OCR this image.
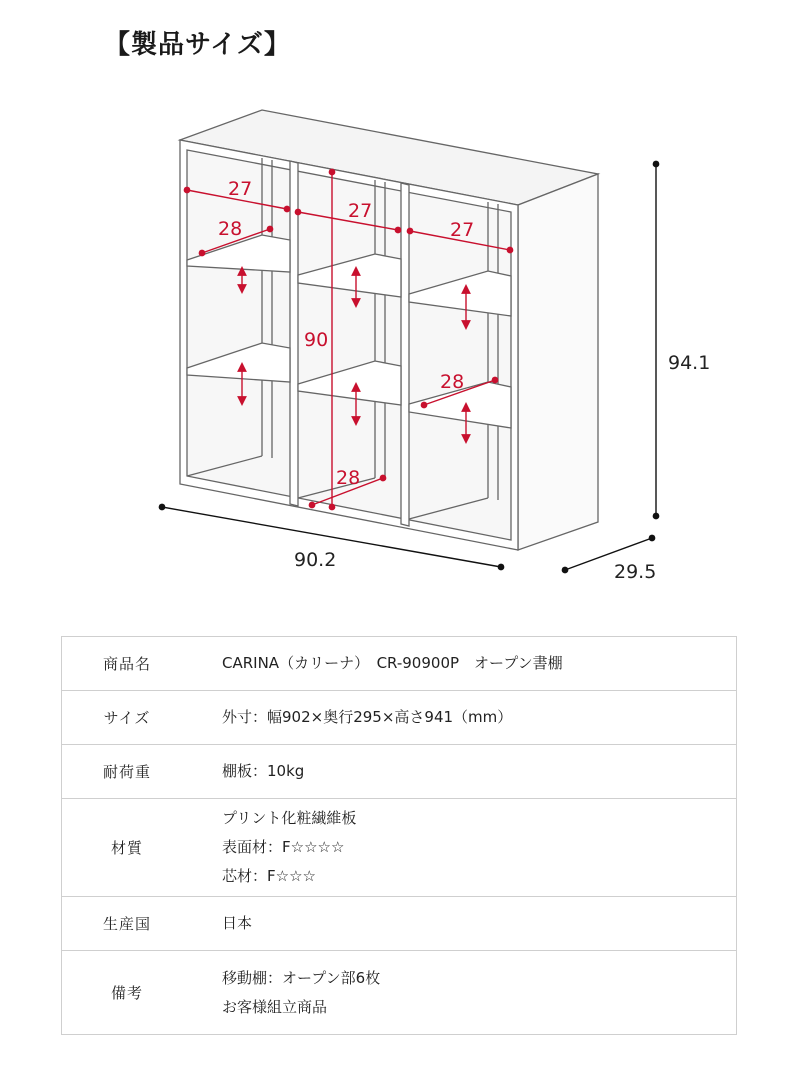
【製品サイズ】
27
27
27
28
28
28
90
94.1
90.2
29.5
商品名	CARINA（カリーナ）　CR-90900P　オープン書棚

サイズ	外寸：幅902×奥行295×高さ941（mm）

耐荷重	棚板：10kg

材質	プリント化粧繊維板
表面材：F☆☆☆☆
芯材：F☆☆☆

生産国	日本

備考	移動棚：オープン部6枚
お客様組立商品
